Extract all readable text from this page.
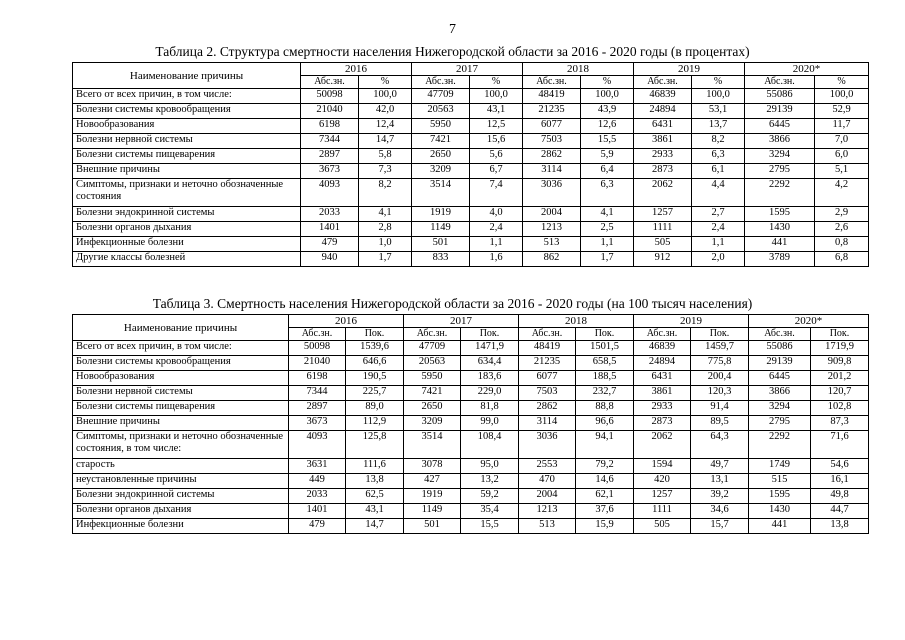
7
Таблица 2. Структура смертности населения Нижегородской области за 2016 - 2020 годы (в процентах)
Наименование причины	2016		2017		2018		2019		2020*	
	Абс.зн.	%	Абс.зн.	%	Абс.зн.	%	Абс.зн.	%	Абс.зн.	%
Всего от всех причин, в том числе:	50098	100,0	47709	100,0	48419	100,0	46839	100,0	55086	100,0
Болезни системы кровообращения	21040	42,0	20563	43,1	21235	43,9	24894	53,1	29139	52,9
Новообразования	6198	12,4	5950	12,5	6077	12,6	6431	13,7	6445	11,7
Болезни нервной системы	7344	14,7	7421	15,6	7503	15,5	3861	8,2	3866	7,0
Болезни системы пищеварения	2897	5,8	2650	5,6	2862	5,9	2933	6,3	3294	6,0
Внешние причины	3673	7,3	3209	6,7	3114	6,4	2873	6,1	2795	5,1
Симптомы, признаки и неточно обозначенные состояния	4093	8,2	3514	7,4	3036	6,3	2062	4,4	2292	4,2
Болезни эндокринной системы	2033	4,1	1919	4,0	2004	4,1	1257	2,7	1595	2,9
Болезни органов дыхания	1401	2,8	1149	2,4	1213	2,5	1111	2,4	1430	2,6
Инфекционные болезни	479	1,0	501	1,1	513	1,1	505	1,1	441	0,8
Другие классы болезней	940	1,7	833	1,6	862	1,7	912	2,0	3789	6,8
Таблица 3. Смертность населения Нижегородской области за 2016 - 2020 годы (на 100 тысяч населения)
Наименование причины	2016		2017		2018		2019		2020*	
	Абс.зн.	Пок.	Абс.зн.	Пок.	Абс.зн.	Пок.	Абс.зн.	Пок.	Абс.зн.	Пок.
Всего от всех причин, в том числе:	50098	1539,6	47709	1471,9	48419	1501,5	46839	1459,7	55086	1719,9
Болезни системы кровообращения	21040	646,6	20563	634,4	21235	658,5	24894	775,8	29139	909,8
Новообразования	6198	190,5	5950	183,6	6077	188,5	6431	200,4	6445	201,2
Болезни нервной системы	7344	225,7	7421	229,0	7503	232,7	3861	120,3	3866	120,7
Болезни системы пищеварения	2897	89,0	2650	81,8	2862	88,8	2933	91,4	3294	102,8
Внешние причины	3673	112,9	3209	99,0	3114	96,6	2873	89,5	2795	87,3
Симптомы, признаки и неточно обозначенные состояния, в том числе:	4093	125,8	3514	108,4	3036	94,1	2062	64,3	2292	71,6
старость	3631	111,6	3078	95,0	2553	79,2	1594	49,7	1749	54,6
неустановленные причины	449	13,8	427	13,2	470	14,6	420	13,1	515	16,1
Болезни эндокринной системы	2033	62,5	1919	59,2	2004	62,1	1257	39,2	1595	49,8
Болезни органов дыхания	1401	43,1	1149	35,4	1213	37,6	1111	34,6	1430	44,7
Инфекционные болезни	479	14,7	501	15,5	513	15,9	505	15,7	441	13,8
